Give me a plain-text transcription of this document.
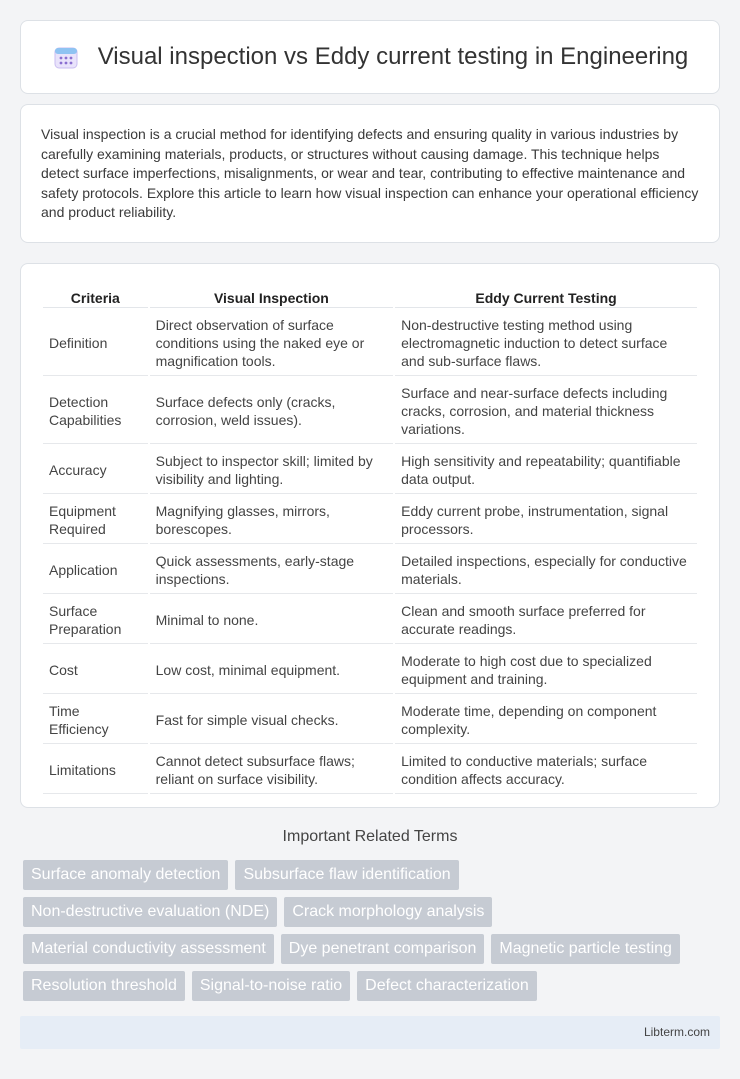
Visual inspection vs Eddy current testing in Engineering

Visual inspection is a crucial method for identifying defects and ensuring quality in various industries by carefully examining materials, products, or structures without causing damage. This technique helps detect surface imperfections, misalignments, or wear and tear, contributing to effective maintenance and safety protocols. Explore this article to learn how visual inspection can enhance your operational efficiency and product reliability.

Criteria	Visual Inspection	Eddy Current Testing
Definition	Direct observation of surface conditions using the naked eye or magnification tools.	Non-destructive testing method using electromagnetic induction to detect surface and sub-surface flaws.
Detection Capabilities	Surface defects only (cracks, corrosion, weld issues).	Surface and near-surface defects including cracks, corrosion, and material thickness variations.
Accuracy	Subject to inspector skill; limited by visibility and lighting.	High sensitivity and repeatability; quantifiable data output.
Equipment Required	Magnifying glasses, mirrors, borescopes.	Eddy current probe, instrumentation, signal processors.
Application	Quick assessments, early-stage inspections.	Detailed inspections, especially for conductive materials.
Surface Preparation	Minimal to none.	Clean and smooth surface preferred for accurate readings.
Cost	Low cost, minimal equipment.	Moderate to high cost due to specialized equipment and training.
Time Efficiency	Fast for simple visual checks.	Moderate time, depending on component complexity.
Limitations	Cannot detect subsurface flaws; reliant on surface visibility.	Limited to conductive materials; surface condition affects accuracy.
Important Related Terms
Surface anomaly detection	Subsurface flaw identification
Non-destructive evaluation (NDE)	Crack morphology analysis
Material conductivity assessment	Dye penetrant comparison	Magnetic particle testing
Resolution threshold	Signal-to-noise ratio	Defect characterization
Libterm.com
